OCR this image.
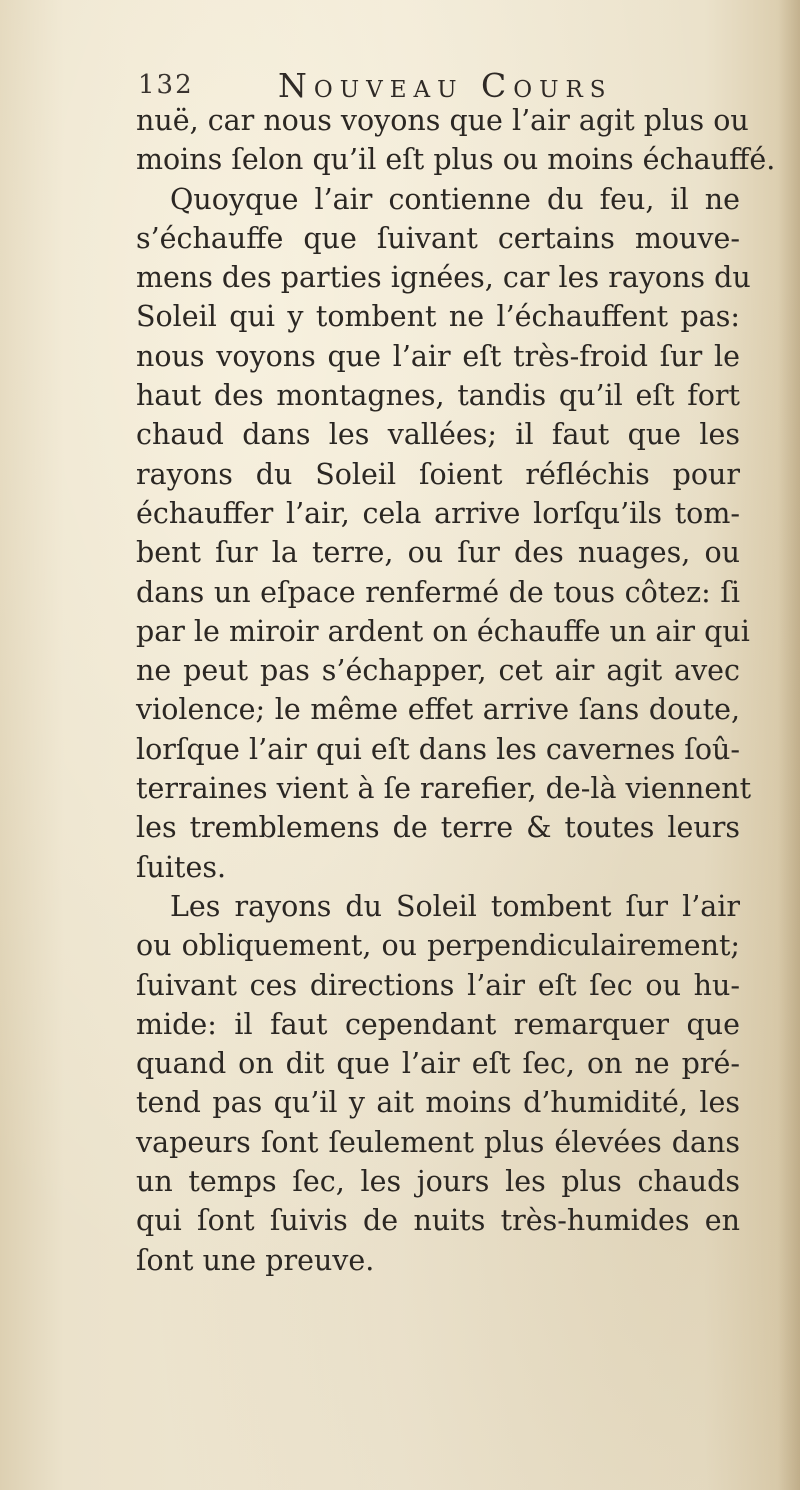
132	Nouveau Cours
nuë, car nous voyons que l’air agit plus ou
moins ſelon qu’il eſt plus ou moins échauffé.
Quoyque l’air contienne du feu, il ne
s’échauffe que ſuivant certains mouve-
mens des parties ignées, car les rayons du
Soleil qui y tombent ne l’échauffent pas:
nous voyons que l’air eſt très-froid ſur le
haut des montagnes, tandis qu’il eſt fort
chaud dans les vallées; il faut que les
rayons du Soleil ſoient réfléchis pour
échauffer l’air, cela arrive lorſqu’ils tom-
bent ſur la terre, ou ſur des nuages, ou
dans un eſpace renfermé de tous côtez: ſi
par le miroir ardent on échauffe un air qui
ne peut pas s’échapper, cet air agit avec
violence; le même effet arrive ſans doute,
lorſque l’air qui eſt dans les cavernes ſoû-
terraines vient à ſe rarefier, de-là viennent
les tremblemens de terre & toutes leurs
ſuites.
Les rayons du Soleil tombent ſur l’air
ou obliquement, ou perpendiculairement;
ſuivant ces directions l’air eſt ſec ou hu-
mide: il faut cependant remarquer que
quand on dit que l’air eſt ſec, on ne pré-
tend pas qu’il y ait moins d’humidité, les
vapeurs ſont ſeulement plus élevées dans
un temps ſec, les jours les plus chauds
qui ſont ſuivis de nuits très-humides en
ſont une preuve.
